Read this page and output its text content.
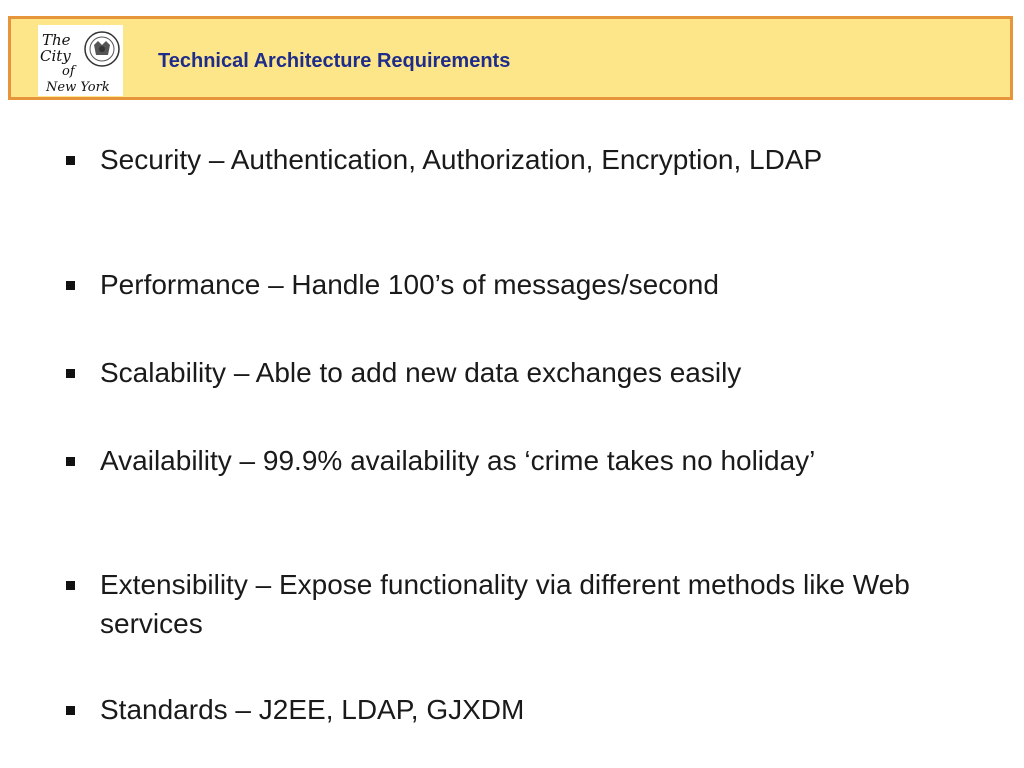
The
City
of
New York
Technical Architecture Requirements
Security – Authentication, Authorization, Encryption, LDAP
Performance – Handle 100’s of messages/second
Scalability – Able to add new data exchanges easily
Availability – 99.9% availability as ‘crime takes no holiday’
Extensibility – Expose functionality via different methods like Web services
Standards – J2EE, LDAP, GJXDM
